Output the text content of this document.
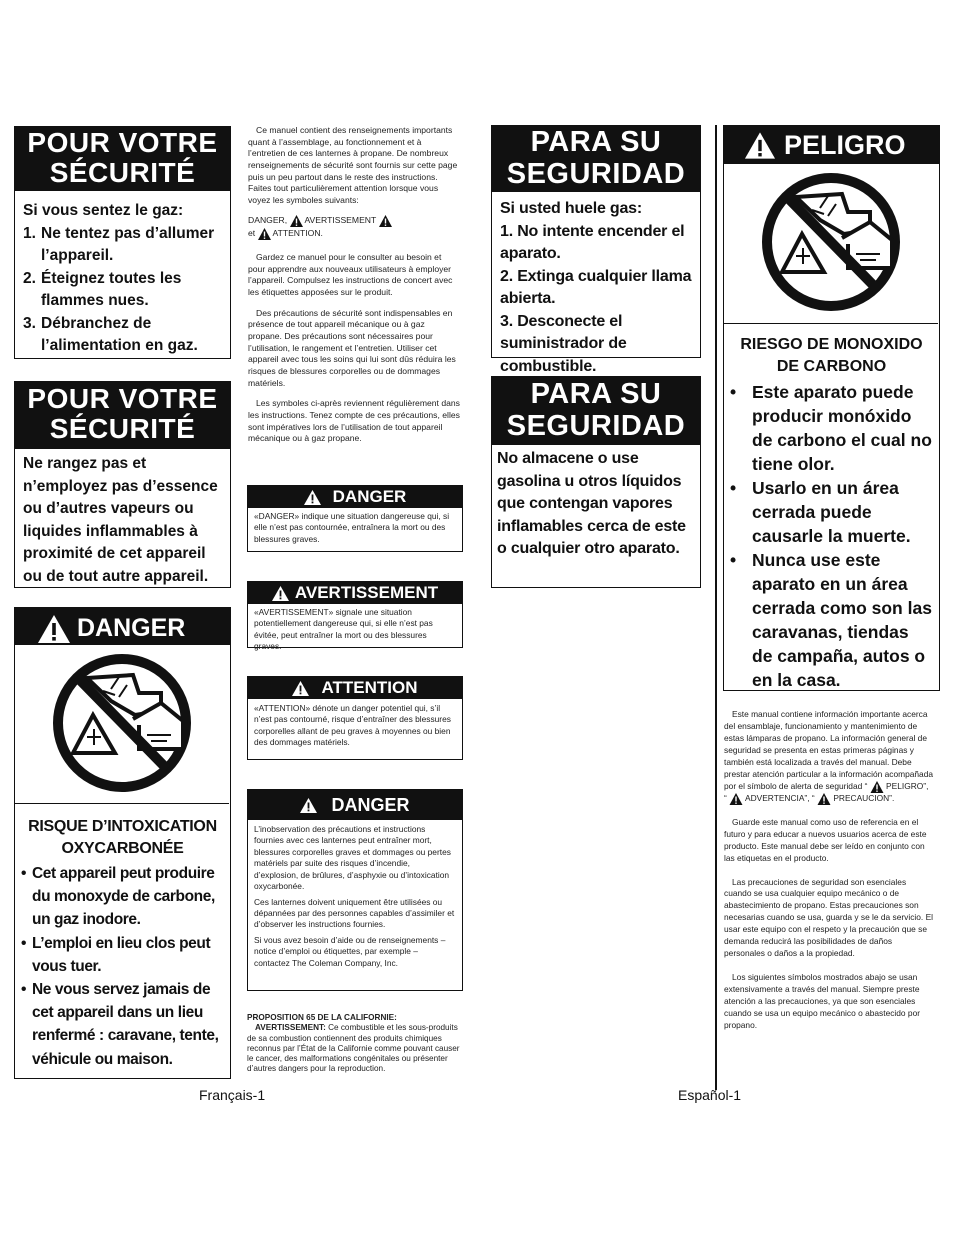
POUR VOTRE
SÉCURITÉ
Si vous sentez le gaz:
1. Ne tentez pas d’allumer l’appareil.
2. Éteignez toutes les flammes nues.
3. Débranchez de l’alimentation en gaz.
POUR VOTRE
SÉCURITÉ
Ne rangez pas et n’employez pas d’essence ou d’autres vapeurs ou liquides inflammables à proximité de cet appareil ou de tout autre appareil.
DANGER
RISQUE D’INTOXICATION
OXYCARBONÉE
• Cet appareil peut produire du monoxyde de carbone, un gaz inodore.
• L’emploi en lieu clos peut vous tuer.
• Ne vous servez jamais de cet appareil dans un lieu renfermé : caravane, tente, véhicule ou maison.

Ce manuel contient des renseignements importants quant à l’assemblage, au fonctionnement et à l’entretien de ces lanternes à propane. De nombreux renseignements de sécurité sont fournis sur cette page puis un peu partout dans le reste des instructions. Faites tout particulièrement attention lorsque vous voyez les symboles suivants:

DANGER, AVERTISSEMENT
et ATTENTION.

Gardez ce manuel pour le consulter au besoin et pour apprendre aux nouveaux utilisateurs à employer l’appareil. Compulsez les instructions de concert avec les étiquettes apposées sur le produit.

Des précautions de sécurité sont indispensables en présence de tout appareil mécanique ou à gaz propane. Des précautions sont nécessaires pour l’utilisation, le rangement et l’entretien. Utiliser cet appareil avec tous les soins qui lui sont dûs réduira les risques de blessures corporelles ou de dommages matériels.

Les symboles ci-après reviennent régulièrement dans les instructions. Tenez compte de ces précautions, elles sont impératives lors de l’utilisation de tout appareil mécanique ou à gaz propane.

DANGER
«DANGER» indique une situation dangereuse qui, si elle n’est pas contournée, entraînera la mort ou des blessures graves.
AVERTISSEMENT
«AVERTISSEMENT» signale une situation potentiellement dangereuse qui, si elle n’est pas évitée, peut entraîner la mort ou des blessures graves.
ATTENTION
«ATTENTION» dénote un danger potentiel qui, s’il n’est pas contourné, risque d’entraîner des blessures corporelles allant de peu graves à moyennes ou bien des dommages matériels.
DANGER

L’inobservation des précautions et instructions fournies avec ces lanternes peut entraîner mort, blessures corporelles graves et dommages ou pertes matériels par suite des risques d’incendie, d’explosion, de brûlures, d’asphyxie ou d’intoxication oxycarbonée.

Ces lanternes doivent uniquement être utilisées ou dépannées par des personnes capables d’assimiler et d’observer les instructions fournies.

Si vous avez besoin d’aide ou de renseignements – notice d’emploi ou étiquettes, par exemple – contactez The Coleman Company, Inc.

PROPOSITION 65 DE LA CALIFORNIE:
AVERTISSEMENT: Ce combustible et les sous-produits de sa combustion contiennent des produits chimiques reconnus par l’État de la Californie comme pouvant causer le cancer, des malformations congénitales ou présenter d’autres dangers pour la reproduction.
Français-1
PARA SU
SEGURIDAD
Si usted huele gas:
1. No intente encender el aparato.
2. Extinga cualquier llama abierta.
3. Desconecte el suministrador de combustible.
PARA SU
SEGURIDAD
No almacene o use gasolina u otros líquidos que contengan vapores inflamables cerca de este o cualquier otro aparato.
PELIGRO
RIESGO DE MONOXIDO
DE CARBONO
• Este aparato puede producir monóxido de carbono el cual no tiene olor.
• Usarlo en un área cerrada puede causarle la muerte.
• Nunca use este aparato en un área cerrada como son las caravanas, tiendas de campaña, autos o en la casa.

Este manual contiene información importante acerca del ensamblaje, funcionamiento y mantenimiento de estas lámparas de propano. La información general de seguridad se presenta en estas primeras páginas y también está localizada a través del manual. Debe prestar atención particular a la información acompañada por el símbolo de alerta de seguridad “ PELIGRO”,
“  ADVERTENCIA”, “ PRECAUCION”.

Guarde este manual como uso de referencia en el futuro y para educar a nuevos usuarios acerca de este producto. Este manual debe ser leído en conjunto con las etiquetas en el producto.

Las precauciones de seguridad son esenciales cuando se usa cualquier equipo mecánico o de abastecimiento de propano. Estas precauciones son necesarias cuando se usa, guarda y se le da servicio. El usar este equipo con el respeto y la precaución que se demanda reducirá las posibilidades de daños personales o daños a la propiedad.

Los siguientes símbolos mostrados abajo se usan extensivamente a través del manual. Siempre preste atención a las precauciones, ya que son esenciales cuando se usa un equipo mecánico o abastecido por propano.

Español-1
